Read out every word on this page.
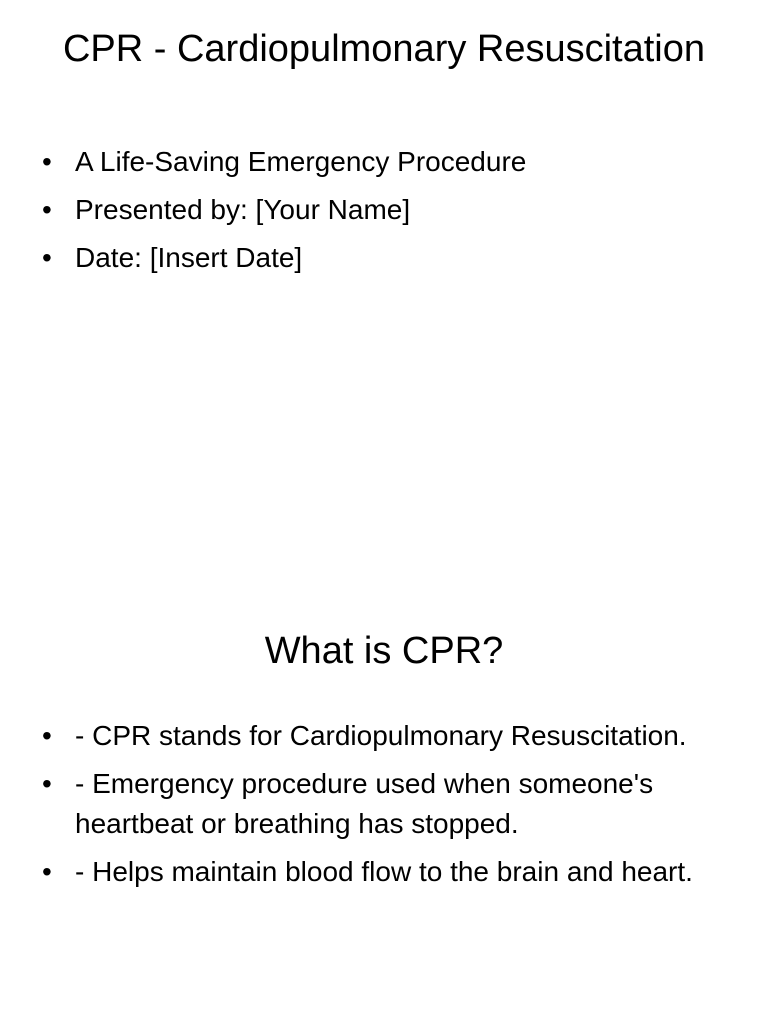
CPR - Cardiopulmonary Resuscitation
• A Life-Saving Emergency Procedure
• Presented by: [Your Name]
• Date: [Insert Date]
What is CPR?
• - CPR stands for Cardiopulmonary Resuscitation.
• - Emergency procedure used when someone's heartbeat or breathing has stopped.
• - Helps maintain blood flow to the brain and heart.
